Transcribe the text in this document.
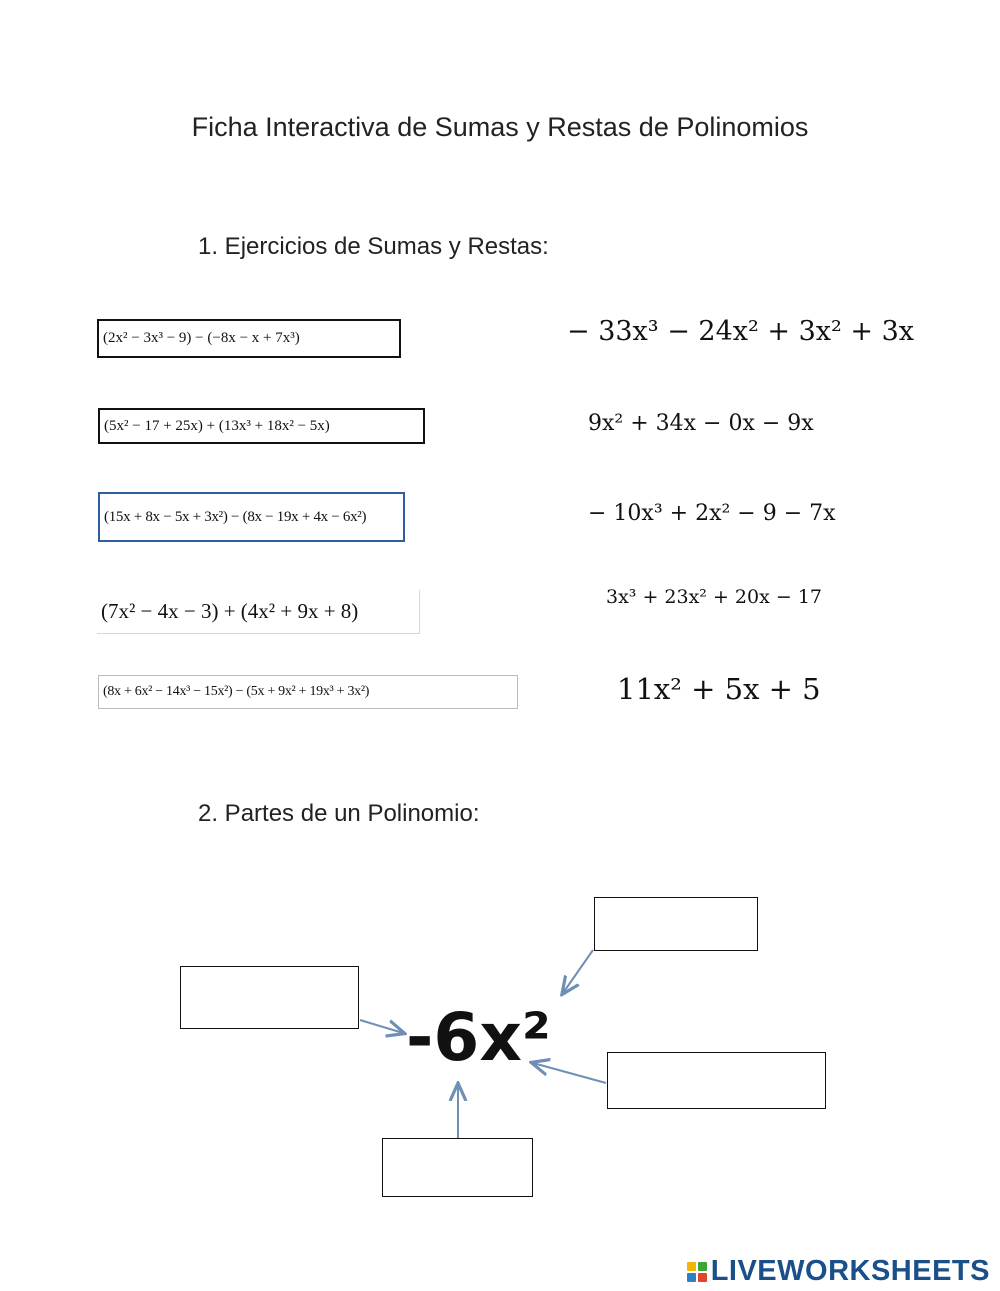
Ficha Interactiva de Sumas y Restas de Polinomios
1. Ejercicios de Sumas y Restas:
(2x² − 3x³ − 9) − (−8x − x + 7x³)
(5x² − 17 + 25x) + (13x³ + 18x² − 5x)
(15x + 8x − 5x + 3x²) − (8x − 19x + 4x − 6x²)
(7x² − 4x − 3) + (4x² + 9x + 8)
(8x + 6x² − 14x³ − 15x²) − (5x + 9x² + 19x³ + 3x²)
− 33x³ − 24x² + 3x² + 3x
9x² + 34x − 0x − 9x
− 10x³ + 2x² − 9 − 7x
3x³ + 23x² + 20x − 17
11x² + 5x + 5
2. Partes de un Polinomio:
-6x²
LIVEWORKSHEETS
